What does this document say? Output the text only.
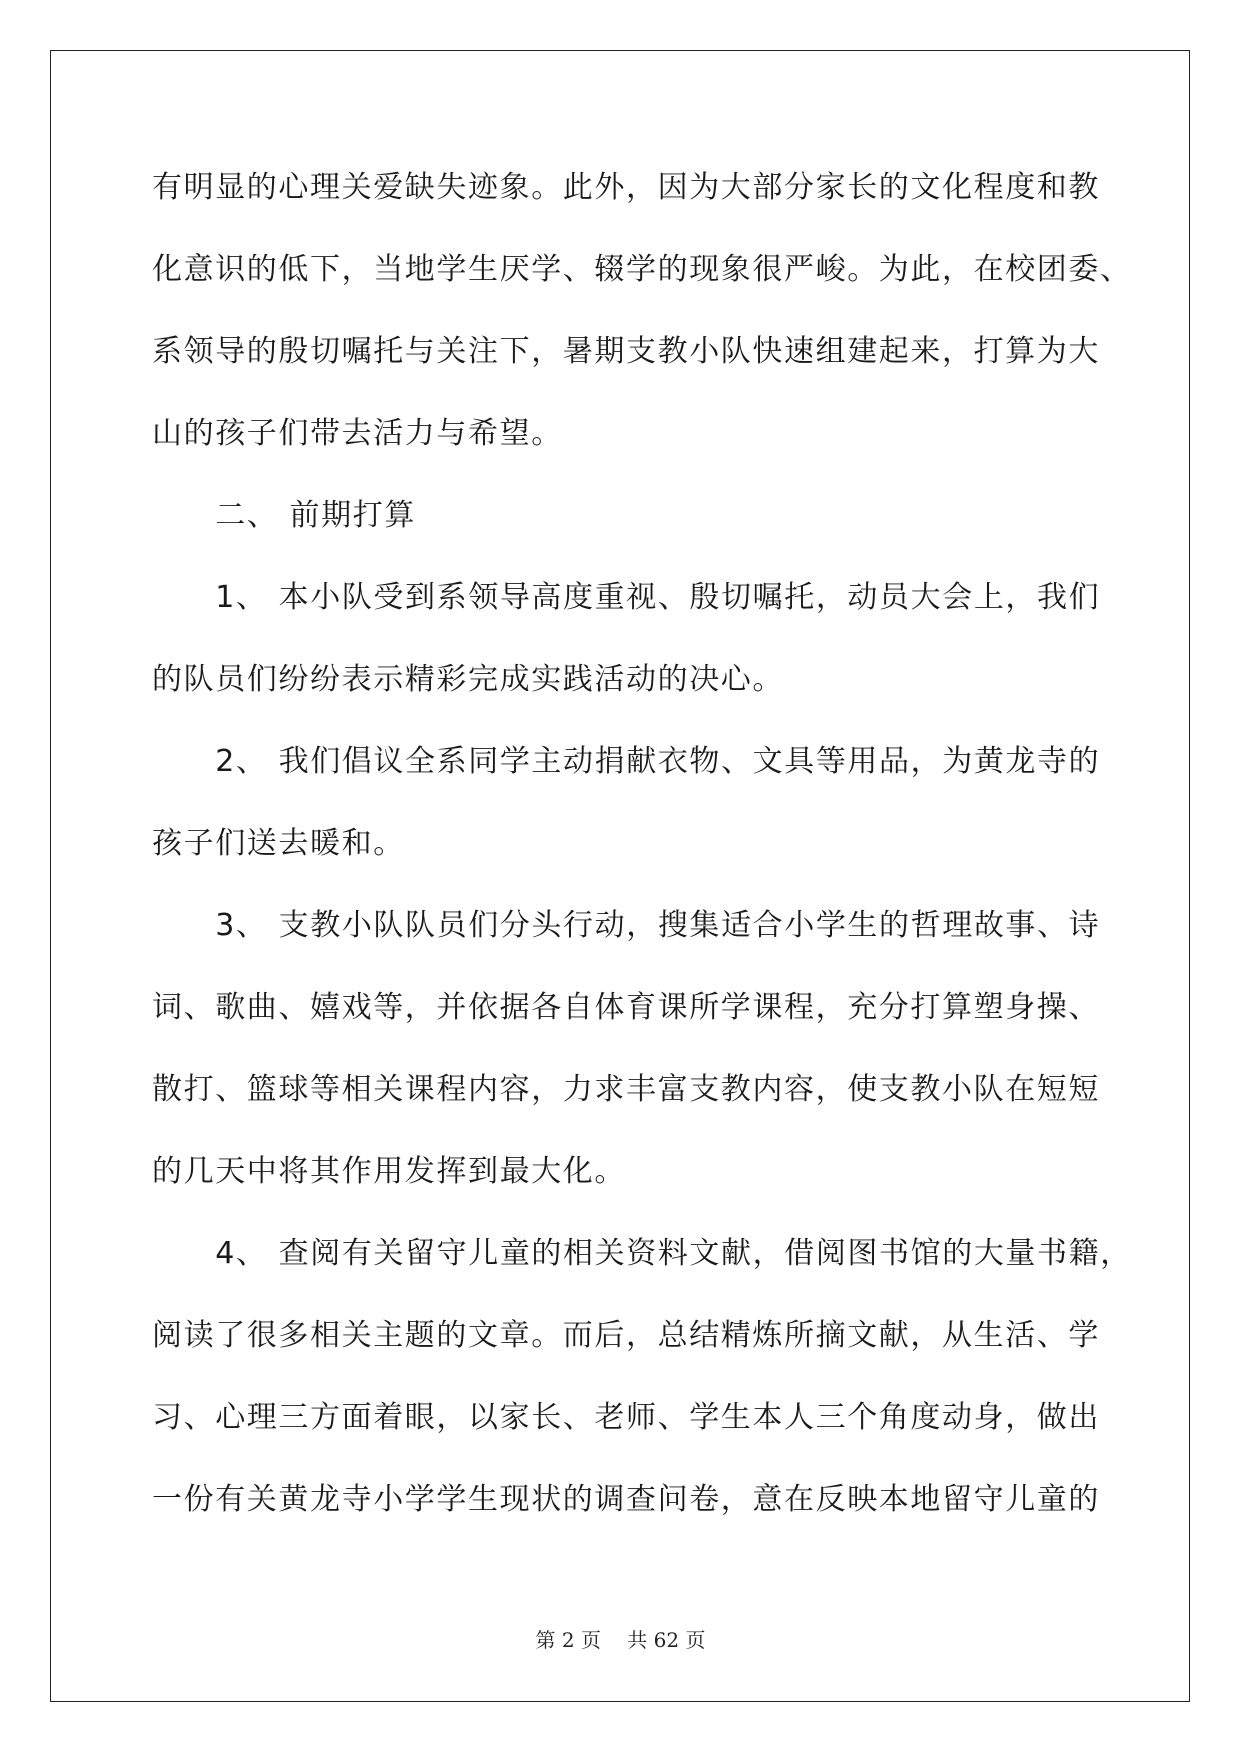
有明显的心理关爱缺失迹象。此外，因为大部分家长的文化程度和教
化意识的低下，当地学生厌学、辍学的现象很严峻。为此，在校团委、
系领导的殷切嘱托与关注下，暑期支教小队快速组建起来，打算为大
山的孩子们带去活力与希望。
　　二、 前期打算
　　1、 本小队受到系领导高度重视、殷切嘱托，动员大会上，我们
的队员们纷纷表示精彩完成实践活动的决心。
　　2、 我们倡议全系同学主动捐献衣物、文具等用品，为黄龙寺的
孩子们送去暖和。
　　3、 支教小队队员们分头行动，搜集适合小学生的哲理故事、诗
词、歌曲、嬉戏等，并依据各自体育课所学课程，充分打算塑身操、
散打、篮球等相关课程内容，力求丰富支教内容，使支教小队在短短
的几天中将其作用发挥到最大化。
　　4、 查阅有关留守儿童的相关资料文献，借阅图书馆的大量书籍，
阅读了很多相关主题的文章。而后，总结精炼所摘文献，从生活、学
习、心理三方面着眼，以家长、老师、学生本人三个角度动身，做出
一份有关黄龙寺小学学生现状的调查问卷，意在反映本地留守儿童的
第 2 页　 共 62 页
